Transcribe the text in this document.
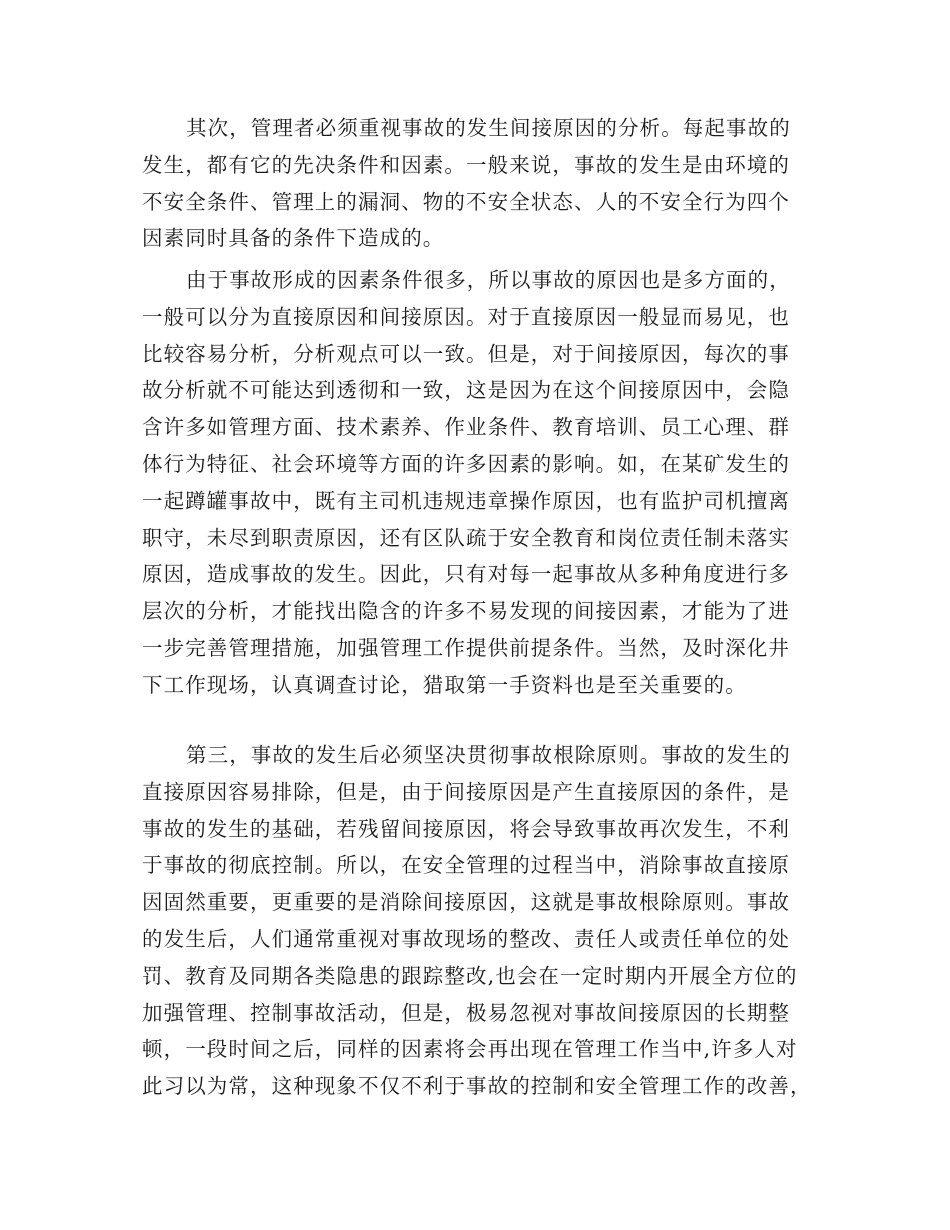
其次，管理者必须重视事故的发生间接原因的分析。每起事故的
发生，都有它的先决条件和因素。一般来说，事故的发生是由环境的
不安全条件、管理上的漏洞、物的不安全状态、人的不安全行为四个
因素同时具备的条件下造成的。

由于事故形成的因素条件很多，所以事故的原因也是多方面的，
一般可以分为直接原因和间接原因。对于直接原因一般显而易见，也
比较容易分析，分析观点可以一致。但是，对于间接原因，每次的事
故分析就不可能达到透彻和一致，这是因为在这个间接原因中，会隐
含许多如管理方面、技术素养、作业条件、教育培训、员工心理、群
体行为特征、社会环境等方面的许多因素的影响。如，在某矿发生的
一起蹲罐事故中，既有主司机违规违章操作原因，也有监护司机擅离
职守，未尽到职责原因，还有区队疏于安全教育和岗位责任制未落实
原因，造成事故的发生。因此，只有对每一起事故从多种角度进行多
层次的分析，才能找出隐含的许多不易发现的间接因素，才能为了进
一步完善管理措施，加强管理工作提供前提条件。当然，及时深化井
下工作现场，认真调查讨论，猎取第一手资料也是至关重要的。

第三，事故的发生后必须坚决贯彻事故根除原则。事故的发生的
直接原因容易排除，但是，由于间接原因是产生直接原因的条件，是
事故的发生的基础，若残留间接原因，将会导致事故再次发生，不利
于事故的彻底控制。所以，在安全管理的过程当中，消除事故直接原
因固然重要，更重要的是消除间接原因，这就是事故根除原则。事故
的发生后，人们通常重视对事故现场的整改、责任人或责任单位的处
罚、教育及同期各类隐患的跟踪整改,也会在一定时期内开展全方位的
加强管理、控制事故活动，但是，极易忽视对事故间接原因的长期整
顿，一段时间之后，同样的因素将会再出现在管理工作当中,许多人对
此习以为常，这种现象不仅不利于事故的控制和安全管理工作的改善，
